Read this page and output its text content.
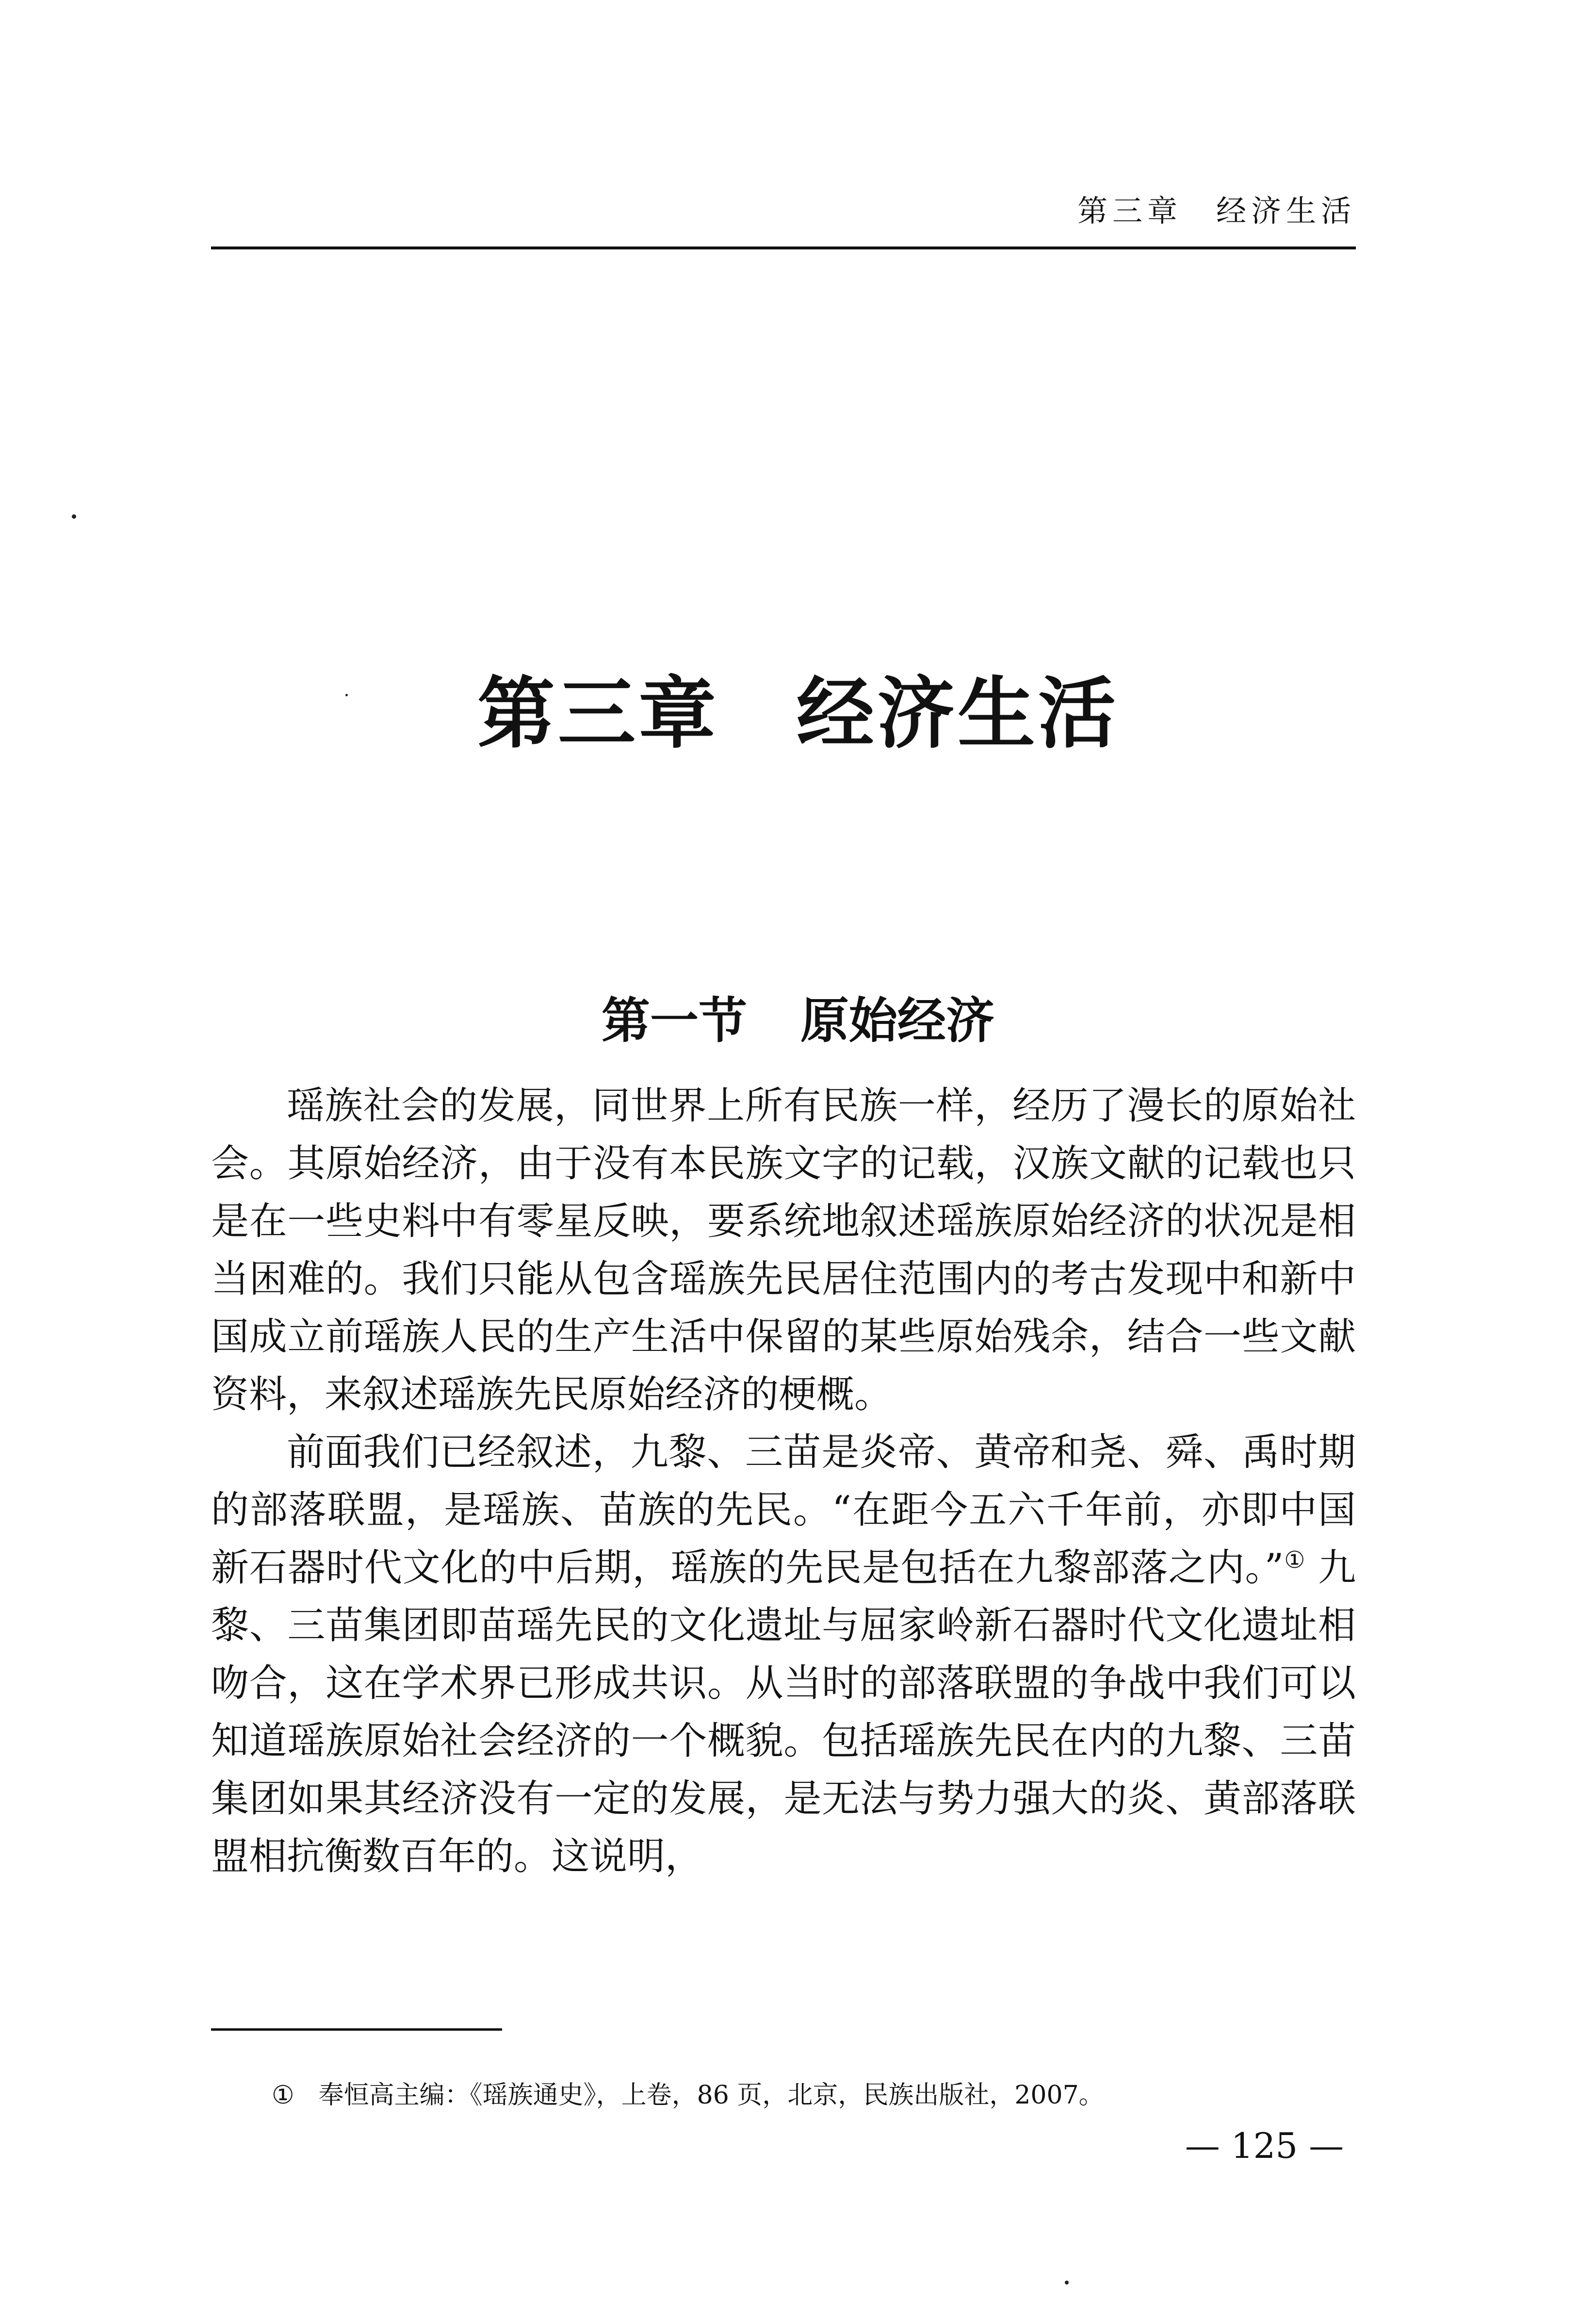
第三章 经济生活
第三章 经济生活
第一节 原始经济

瑶族社会的发展，同世界上所有民族一样，经历了漫长的原始社会。其原始经济，由于没有本民族文字的记载，汉族文献的记载也只是在一些史料中有零星反映，要系统地叙述瑶族原始经济的状况是相当困难的。我们只能从包含瑶族先民居住范围内的考古发现中和新中国成立前瑶族人民的生产生活中保留的某些原始残余，结合一些文献资料，来叙述瑶族先民原始经济的梗概。

前面我们已经叙述，九黎、三苗是炎帝、黄帝和尧、舜、禹时期的部落联盟，是瑶族、苗族的先民。“在距今五六千年前，亦即中国新石器时代文化的中后期，瑶族的先民是包括在九黎部落之内。”① 九黎、三苗集团即苗瑶先民的文化遗址与屈家岭新石器时代文化遗址相吻合，这在学术界已形成共识。从当时的部落联盟的争战中我们可以知道瑶族原始社会经济的一个概貌。包括瑶族先民在内的九黎、三苗集团如果其经济没有一定的发展，是无法与势力强大的炎、黄部落联盟相抗衡数百年的。这说明，

① 奉恒高主编：《瑶族通史》，上卷，86 页，北京，民族出版社，2007。
— 125 —
